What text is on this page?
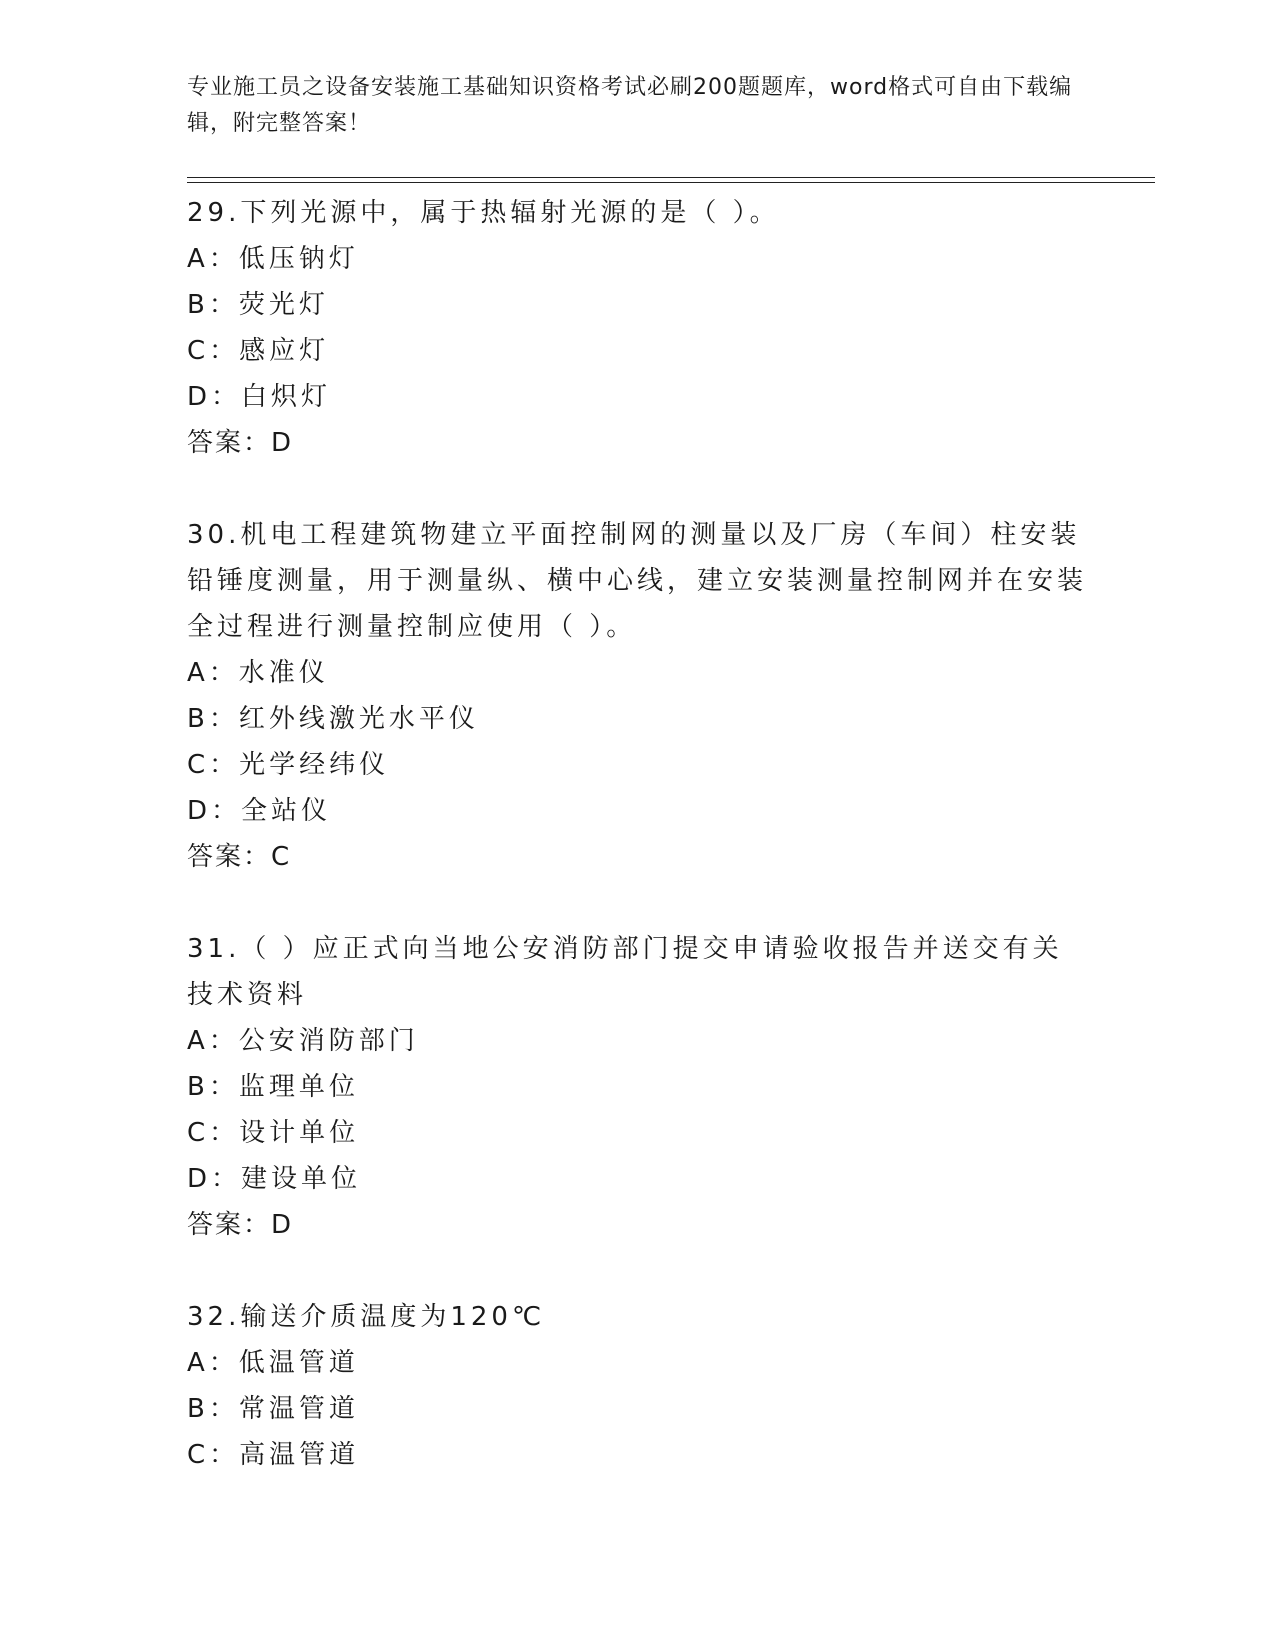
专业施工员之设备安装施工基础知识资格考试必刷200题题库，word格式可自由下载编辑，附完整答案！
29.下列光源中，属于热辐射光源的是（ ）。
A：低压钠灯
B：荧光灯
C：感应灯
D：白炽灯
答案：D
30.机电工程建筑物建立平面控制网的测量以及厂房（车间）柱安装铅锤度测量，用于测量纵、横中心线，建立安装测量控制网并在安装全过程进行测量控制应使用（ ）。
A：水准仪
B：红外线激光水平仪
C：光学经纬仪
D：全站仪
答案：C
31.（ ）应正式向当地公安消防部门提交申请验收报告并送交有关技术资料
A：公安消防部门
B：监理单位
C：设计单位
D：建设单位
答案：D
32.输送介质温度为120℃
A：低温管道
B：常温管道
C：高温管道
